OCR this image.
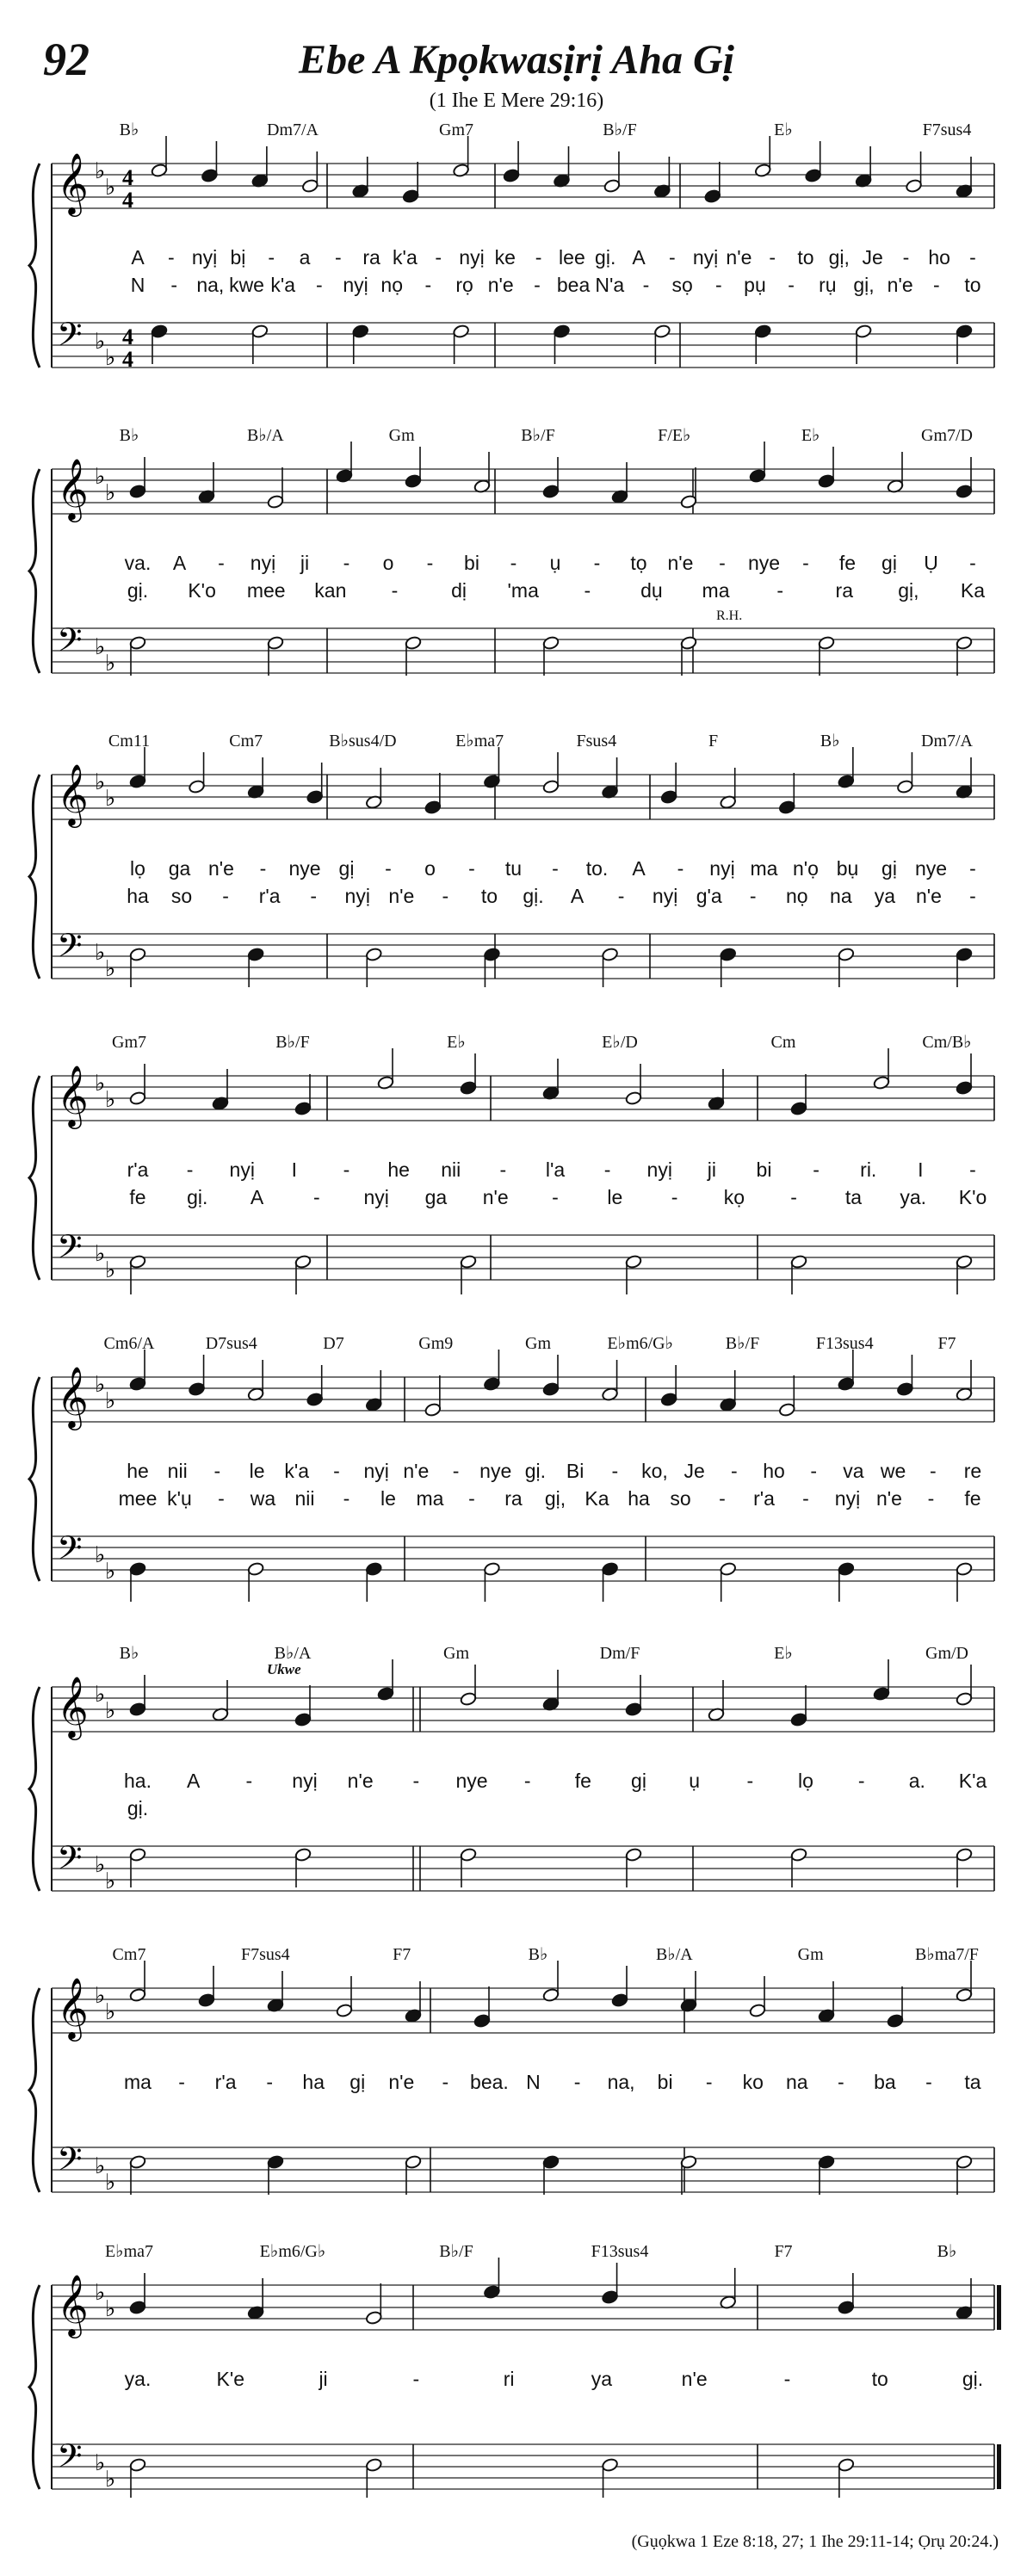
92	Ebe A Kpọkwasịrị Aha Gị
(1 Ihe E Mere 29:16)
B♭	Dm7/A	Gm7	B♭/F	E♭	F7sus4
𝄞
𝄢
♭
♭
♭
♭
4
4
4
4
A - nyị bị - a - ra k'a - nyị ke - lee gị. A - nyị n'e - to gị, Je - ho -
N - na, kwe k'a - nyị nọ - rọ n'e - bea N'a - sọ - pụ - rụ gị, n'e - to
B♭	B♭/A	Gm	B♭/F	F/E♭	E♭	Gm7/D
𝄞
𝄢
♭
♭
♭
♭
va. A - nyị ji - o - bi - ụ - tọ n'e - nye - fe gị Ụ -
gị. K'o mee kan -	dị 'ma -	dụ ma -	ra gị, Ka
R.H.
Cm11	Cm7	B♭sus4/D	E♭ma7	Fsus4	F	B♭	Dm7/A
𝄞
𝄢
♭
♭
♭
♭
lọ ga n'e - nye gị - o - tu - to. A - nyị ma n'ọ bụ gị nye -
ha so - r'a - nyị n'e - to gị. A - nyị g'a - nọ na ya n'e -
Gm7	B♭/F	E♭	E♭/D	Cm	Cm/B♭
𝄞
𝄢
♭
♭
♭
♭
r'a - nyị I - he nii - l'a - nyị ji bi - ri. I -
fe gị. A	- nyị ga n'e - le - kọ - ta ya. K'o
Cm6/A	D7sus4	D7	Gm9	Gm	E♭m6/G♭	B♭/F	F13sus4	F7
𝄞
𝄢
♭
♭
♭
♭
he nii - le k'a - nyị n'e - nye gị. Bi - ko, Je - ho - va we - re
mee k'ụ - wa nii - le ma - ra gị, Ka ha so - r'a - nyị n'e - fe
B♭	B♭/A	Gm	Dm/F	E♭	Gm/D
𝄞
𝄢
♭
♭
♭
♭
ha. A - nyị n'e - nye - fe gị ụ - lọ - a. K'a
gị.
Ukwe
Cm7	F7sus4	F7	B♭	B♭/A	Gm	B♭ma7/F
𝄞
𝄢
♭
♭
♭
♭
ma - r'a - ha gị n'e - bea. N - na, bi - ko na - ba - ta
E♭ma7	E♭m6/G♭	B♭/F	F13sus4	F7	B♭
𝄞
𝄢
♭
♭
♭
♭
ya.	K'e	ji	-	ri	ya	n'e	-	to	gị.
(Gụọkwa 1 Eze 8:18, 27; 1 Ihe 29:11-14; Ọrụ 20:24.)
